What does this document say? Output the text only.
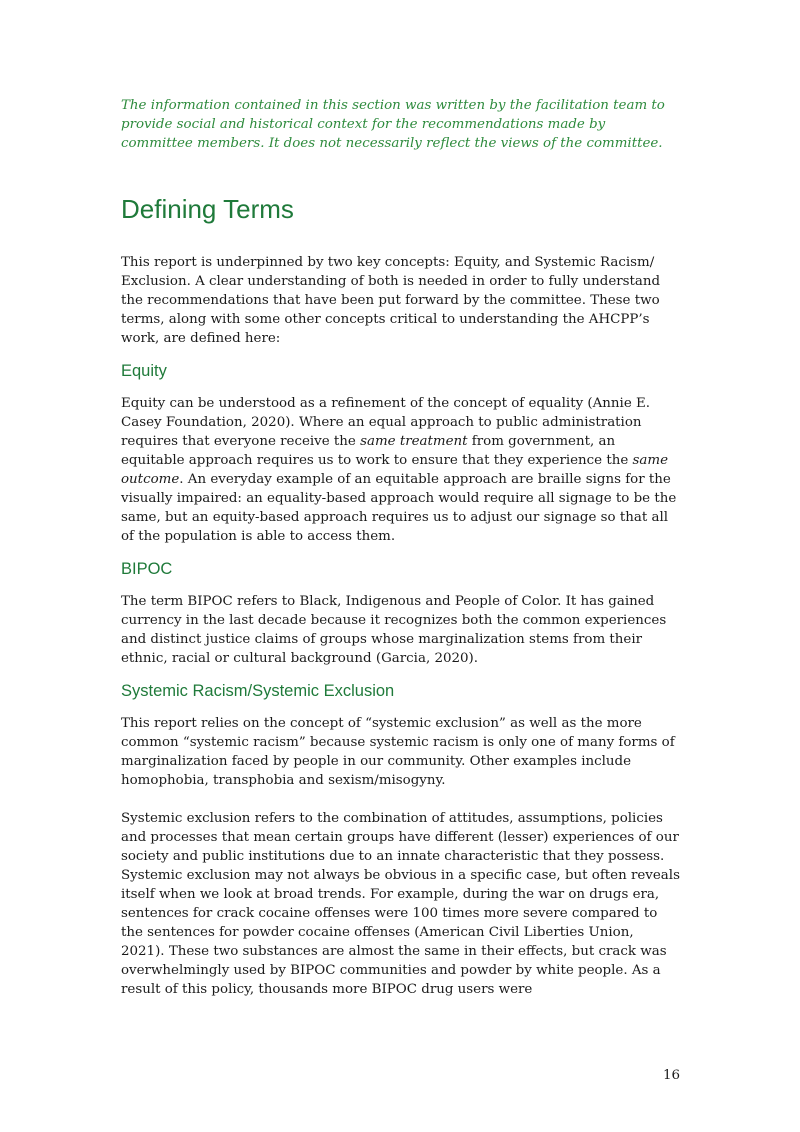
The information contained in this section was written by the facilitation team to provide social and historical context for the recommendations made by committee members. It does not necessarily reflect the views of the committee.

Defining Terms

This report is underpinned by two key concepts: Equity, and Systemic Racism/ Exclusion. A clear understanding of both is needed in order to fully understand the recommendations that have been put forward by the committee. These two terms, along with some other concepts critical to understanding the AHCPP’s work, are defined here:

Equity

Equity can be understood as a refinement of the concept of equality (Annie E. Casey Foundation, 2020). Where an equal approach to public administration requires that everyone receive the same treatment from government, an equitable approach requires us to work to ensure that they experience the same outcome. An everyday example of an equitable approach are braille signs for the visually impaired: an equality-based approach would require all signage to be the same, but an equity-based approach requires us to adjust our signage so that all of the population is able to access them.

BIPOC

The term BIPOC refers to Black, Indigenous and People of Color. It has gained currency in the last decade because it recognizes both the common experiences and distinct justice claims of groups whose marginalization stems from their ethnic, racial or cultural background (Garcia, 2020).

Systemic Racism/Systemic Exclusion

This report relies on the concept of “systemic exclusion” as well as the more common “systemic racism” because systemic racism is only one of many forms of marginalization faced by people in our community. Other examples include homophobia, transphobia and sexism/misogyny.

Systemic exclusion refers to the combination of attitudes, assumptions, policies and processes that mean certain groups have different (lesser) experiences of our society and public institutions due to an innate characteristic that they possess. Systemic exclusion may not always be obvious in a specific case, but often reveals itself when we look at broad trends. For example, during the war on drugs era, sentences for crack cocaine offenses were 100 times more severe compared to the sentences for powder cocaine offenses (American Civil Liberties Union, 2021). These two substances are almost the same in their effects, but crack was overwhelmingly used by BIPOC communities and powder by white people. As a result of this policy, thousands more BIPOC drug users were

16
